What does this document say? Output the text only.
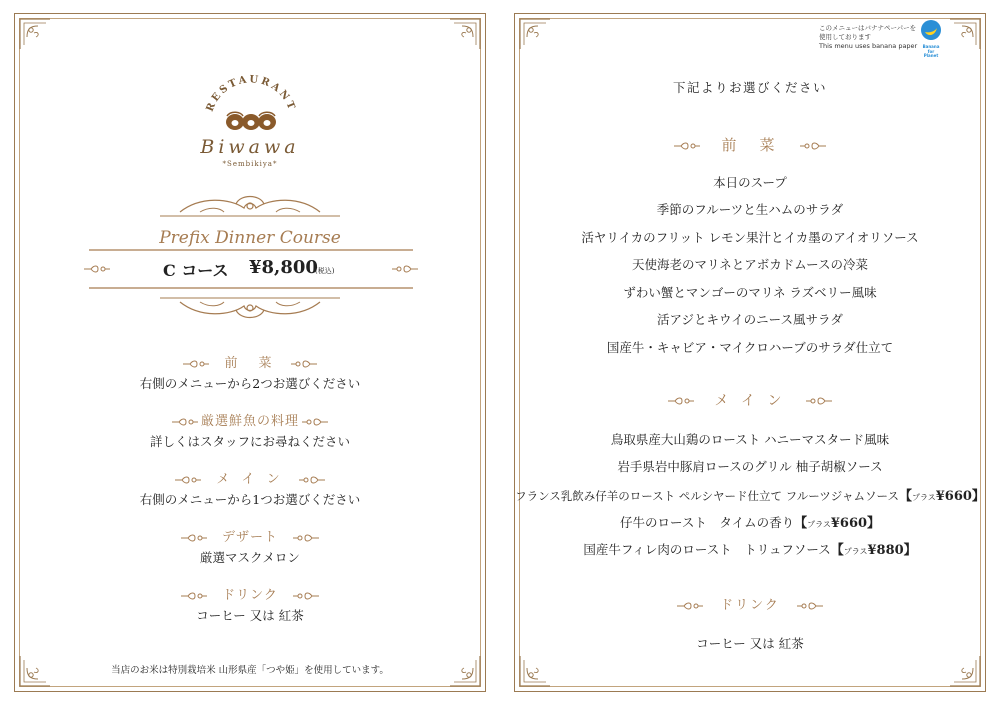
RESTAURANT
Biwawa
*Sembikiya*
Prefix Dinner Course
C コース ¥8,800
(税込)
前　菜
右側のメニューから2つお選びください
厳選鮮魚の料理
詳しくはスタッフにお尋ねください
メ イ ン
右側のメニューから1つお選びください
デザート
厳選マスクメロン
ドリンク
コーヒー 又は 紅茶
当店のお米は特別栽培米 山形県産「つや姫」を使用しています。
このメニューはバナナペーパーを
使用しております
This menu uses banana paper	Banana
for
Planet
下記よりお選びください
前　菜
本日のスープ
季節のフルーツと生ハムのサラダ
活ヤリイカのフリット レモン果汁とイカ墨のアイオリソース
天使海老のマリネとアボカドムースの冷菜
ずわい蟹とマンゴーのマリネ ラズベリー風味
活アジとキウイのニース風サラダ
国産牛・キャビア・マイクロハーブのサラダ仕立て
メ イ ン
鳥取県産大山鶏のロースト ハニーマスタード風味
岩手県岩中豚肩ロースのグリル 柚子胡椒ソース
フランス乳飲み仔羊のロースト ペルシヤード仕立て フルーツジャムソース【プラス¥660】
仔牛のロースト　タイムの香り【プラス¥660】
国産牛フィレ肉のロースト　トリュフソース【プラス¥880】
ドリンク
コーヒー 又は 紅茶
